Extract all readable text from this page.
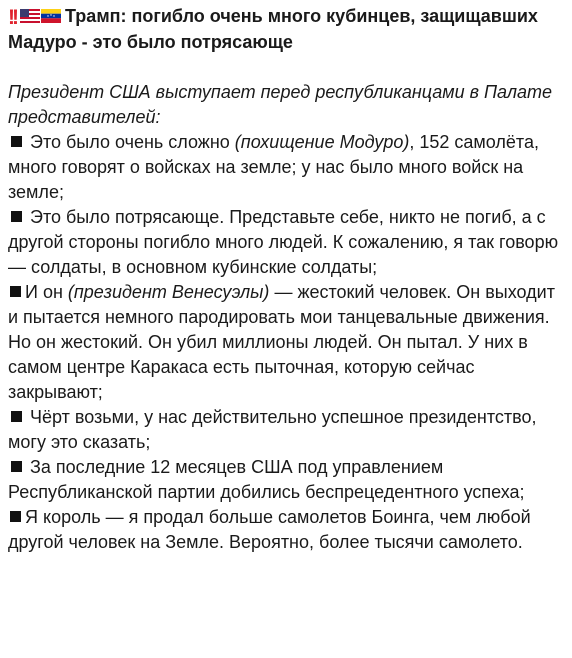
!!	Трамп: погибло очень много кубинцев, защищавших Мадуро - это было потрясающе

Президент США выступает перед республиканцами в Палате представителей:

Это было очень сложно (похищение Модуро), 152 самолёта, много говорят о войсках на земле; у нас было много войск на земле;

Это было потрясающе. Представьте себе, никто не погиб, а с другой стороны погибло много людей. К сожалению, я так говорю — солдаты, в основном кубинские солдаты;

И он (президент Венесуэлы) — жестокий человек. Он выходит и пытается немного пародировать мои танцевальные движения. Но он жестокий. Он убил миллионы людей. Он пытал. У них в самом центре Каракаса есть пыточная, которую сейчас закрывают;

Чёрт возьми, у нас действительно успешное президентство, могу это сказать;

За последние 12 месяцев США под управлением Республиканской партии добились беспрецедентного успеха;

Я король — я продал больше самолетов Боинга, чем любой другой человек на Земле. Вероятно, более тысячи самолето.
